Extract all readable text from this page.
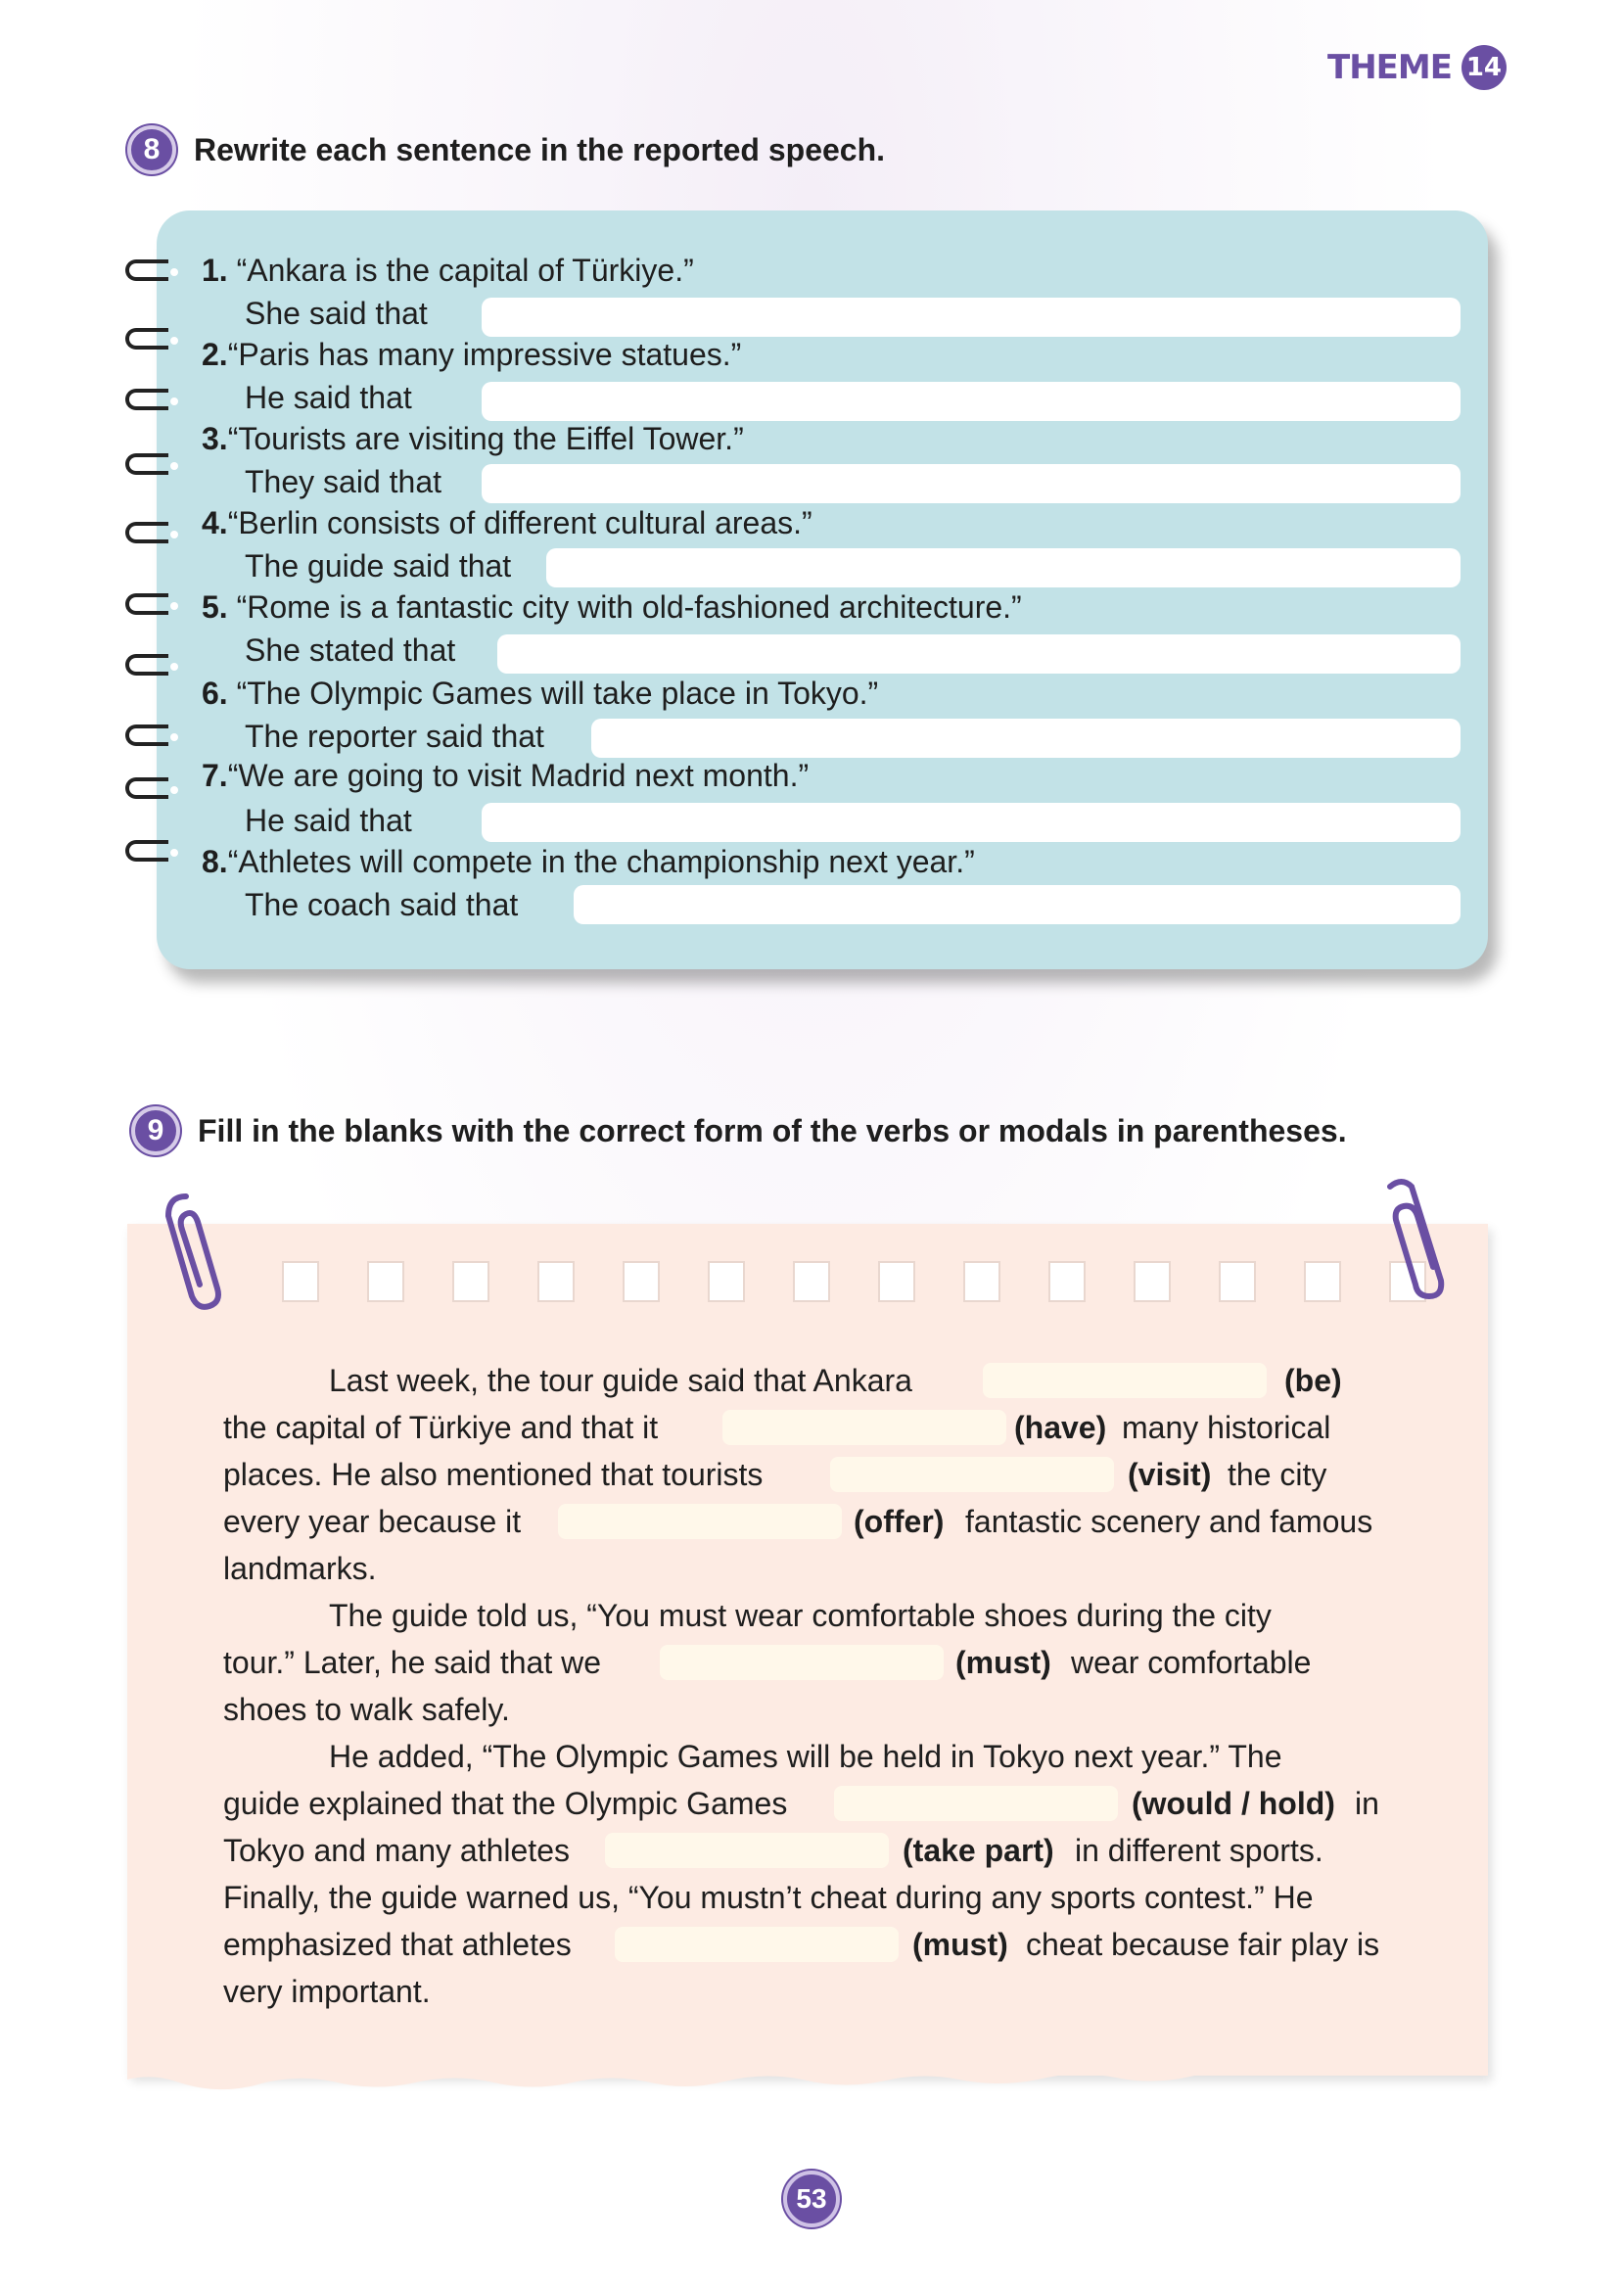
THEME 14
8	Rewrite each sentence in the reported speech.
1. “Ankara is the capital of Türkiye.”
She said that
2.“Paris has many impressive statues.”
He said that
3.“Tourists are visiting the Eiffel Tower.”
They said that
4.“Berlin consists of different cultural areas.”
The guide said that
5. “Rome is a fantastic city with old-fashioned architecture.”
She stated that
6. “The Olympic Games will take place in Tokyo.”
The reporter said that
7.“We are going to visit Madrid next month.”
He said that
8.“Athletes will compete in the championship next year.”
The coach said that
9	Fill in the blanks with the correct form of the verbs or modals in parentheses.
Last week, the tour guide said that Ankara	(be)
the capital of Türkiye and that it	(have) many historical
places. He also mentioned that tourists	(visit) the city
every year because it	(offer) fantastic scenery and famous
landmarks.
The guide told us, “You must wear comfortable shoes during the city
tour.” Later, he said that we	(must) wear comfortable
shoes to walk safely.
He added, “The Olympic Games will be held in Tokyo next year.” The
guide explained that the Olympic Games	(would / hold) in
Tokyo and many athletes	(take part) in different sports.
Finally, the guide warned us, “You mustn’t cheat during any sports contest.” He
emphasized that athletes	(must) cheat because fair play is
very important.
53
